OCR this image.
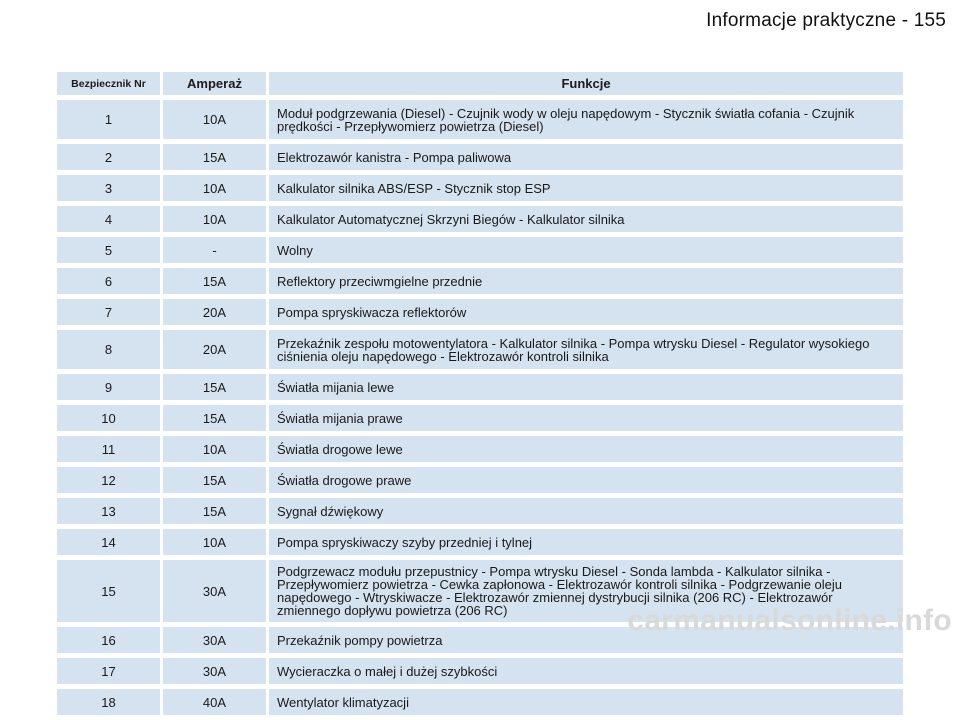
Informacje praktyczne - 155
Bezpiecznik Nr	Amperaż	Funkcje
1	10A	Moduł podgrzewania (Diesel) - Czujnik wody w oleju napędowym - Stycznik światła cofania - Czujnik prędkości - Przepływomierz powietrza (Diesel)
2	15A	Elektrozawór kanistra - Pompa paliwowa
3	10A	Kalkulator silnika ABS/ESP - Stycznik stop ESP
4	10A	Kalkulator Automatycznej Skrzyni Biegów - Kalkulator silnika
5	-	Wolny
6	15A	Reflektory przeciwmgielne przednie
7	20A	Pompa spryskiwacza reflektorów
8	20A	Przekaźnik zespołu motowentylatora - Kalkulator silnika - Pompa wtrysku Diesel - Regulator wysokiego ciśnienia oleju napędowego - Elektrozawór kontroli silnika
9	15A	Światła mijania lewe
10	15A	Światła mijania prawe
11	10A	Światła drogowe lewe
12	15A	Światła drogowe prawe
13	15A	Sygnał dźwiękowy
14	10A	Pompa spryskiwaczy szyby przedniej i tylnej
15	30A	Podgrzewacz modułu przepustnicy - Pompa wtrysku Diesel - Sonda lambda - Kalkulator silnika - Przepływomierz powietrza - Cewka zapłonowa - Elektrozawór kontroli silnika - Podgrzewanie oleju napędowego - Wtryskiwacze - Elektrozawór zmiennej dystrybucji silnika (206 RC) - Elektrozawór zmiennego dopływu powietrza (206 RC)
16	30A	Przekaźnik pompy powietrza
17	30A	Wycieraczka o małej i dużej szybkości
18	40A	Wentylator klimatyzacji
carmanualsonline.info
